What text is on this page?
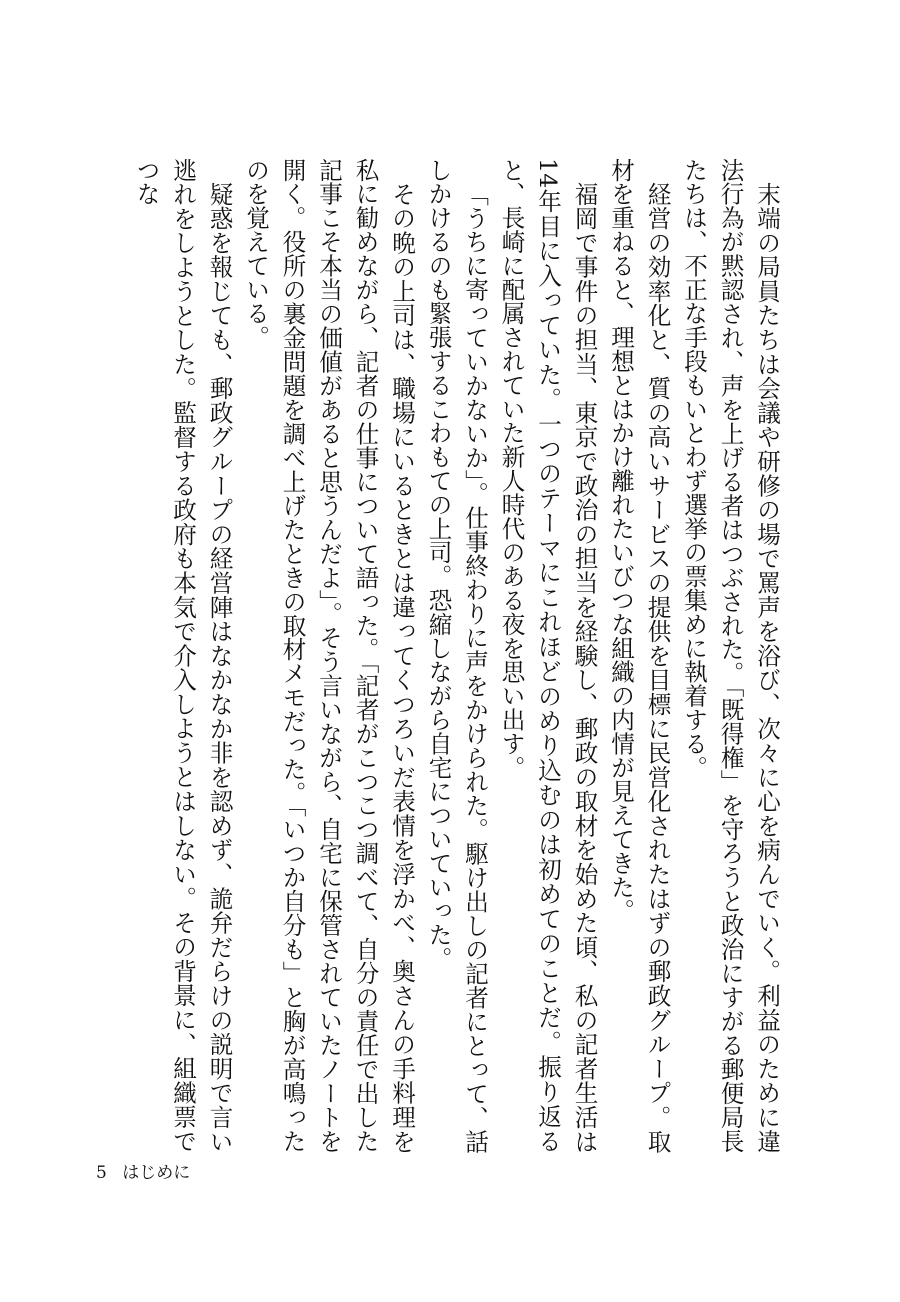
末端の局員たちは会議や研修の場で罵声を浴び、次々に心を病んでいく。利益のために違法行為が黙認され、声を上げる者はつぶされた。「既得権」を守ろうと政治にすがる郵便局長たちは、不正な手段もいとわず選挙の票集めに執着する。

経営の効率化と、質の高いサービスの提供を目標に民営化されたはずの郵政グループ。取材を重ねると、理想とはかけ離れたいびつな組織の内情が見えてきた。

福岡で事件の担当、東京で政治の担当を経験し、郵政の取材を始めた頃、私の記者生活は14年目に入っていた。一つのテーマにこれほどのめり込むのは初めてのことだ。振り返ると、長崎に配属されていた新人時代のある夜を思い出す。

「うちに寄っていかないか」。仕事終わりに声をかけられた。駆け出しの記者にとって、話しかけるのも緊張するこわもての上司。恐縮しながら自宅についていった。

その晩の上司は、職場にいるときとは違ってくつろいだ表情を浮かべ、奥さんの手料理を私に勧めながら、記者の仕事について語った。「記者がこつこつ調べて、自分の責任で出した記事こそ本当の価値があると思うんだよ」。そう言いながら、自宅に保管されていたノートを開く。役所の裏金問題を調べ上げたときの取材メモだった。「いつか自分も」と胸が高鳴ったのを覚えている。

疑惑を報じても、郵政グループの経営陣はなかなか非を認めず、詭弁だらけの説明で言い逃れをしようとした。監督する政府も本気で介入しようとはしない。その背景に、組織票でつな

5 はじめに
